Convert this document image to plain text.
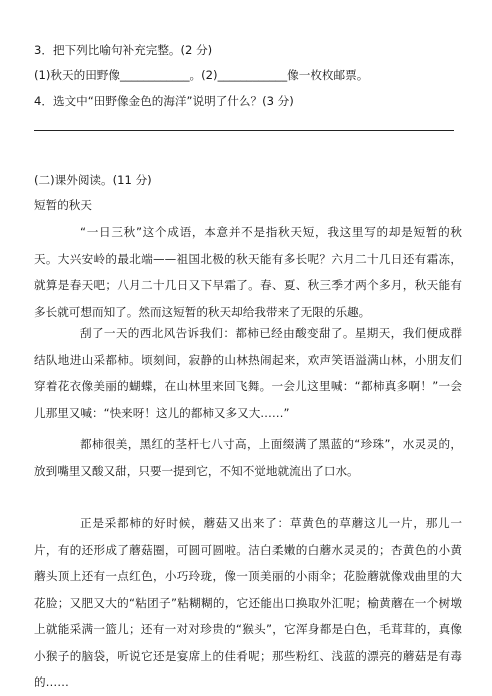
3．把下列比喻句补充完整。(2 分)
(1)秋天的田野像____________。(2)____________像一枚枚邮票。
4．选文中“田野像金色的海洋”说明了什么？(3 分)
(二)课外阅读。(11 分)
短暂的秋天
“一日三秋”这个成语，本意并不是指秋天短，我这里写的却是短暂的秋天。大兴安岭的最北端——祖国北极的秋天能有多长呢？六月二十几日还有霜冻，就算是春天吧；八月二十几日又下早霜了。春、夏、秋三季才两个多月，秋天能有多长就可想而知了。然而这短暂的秋天却给我带来了无限的乐趣。
刮了一天的西北风告诉我们：都柿已经由酸变甜了。星期天，我们便成群结队地进山采都柿。顷刻间，寂静的山林热闹起来，欢声笑语溢满山林，小朋友们穿着花衣像美丽的蝴蝶，在山林里来回飞舞。一会儿这里喊：“都柿真多啊！”一会儿那里又喊：“快来呀！这儿的都柿又多又大……”
都柿很美，黑红的茎杆七八寸高，上面缀满了黑蓝的“珍珠”，水灵灵的，放到嘴里又酸又甜，只要一提到它，不知不觉地就流出了口水。
正是采都柿的好时候，蘑菇又出来了：草黄色的草蘑这儿一片，那儿一片，有的还形成了蘑菇圈，可圆可圆啦。洁白柔嫩的白蘑水灵灵的；杏黄色的小黄蘑头顶上还有一点红色，小巧玲珑，像一顶美丽的小雨伞；花脸蘑就像戏曲里的大花脸；又肥又大的“粘团子”粘糊糊的，它还能出口换取外汇呢；榆黄蘑在一个树墩上就能采满一篮儿；还有一对对珍贵的“猴头”，它浑身都是白色，毛茸茸的，真像小猴子的脑袋，听说它还是宴席上的佳肴呢；那些粉红、浅蓝的漂亮的蘑菇是有毒的……
